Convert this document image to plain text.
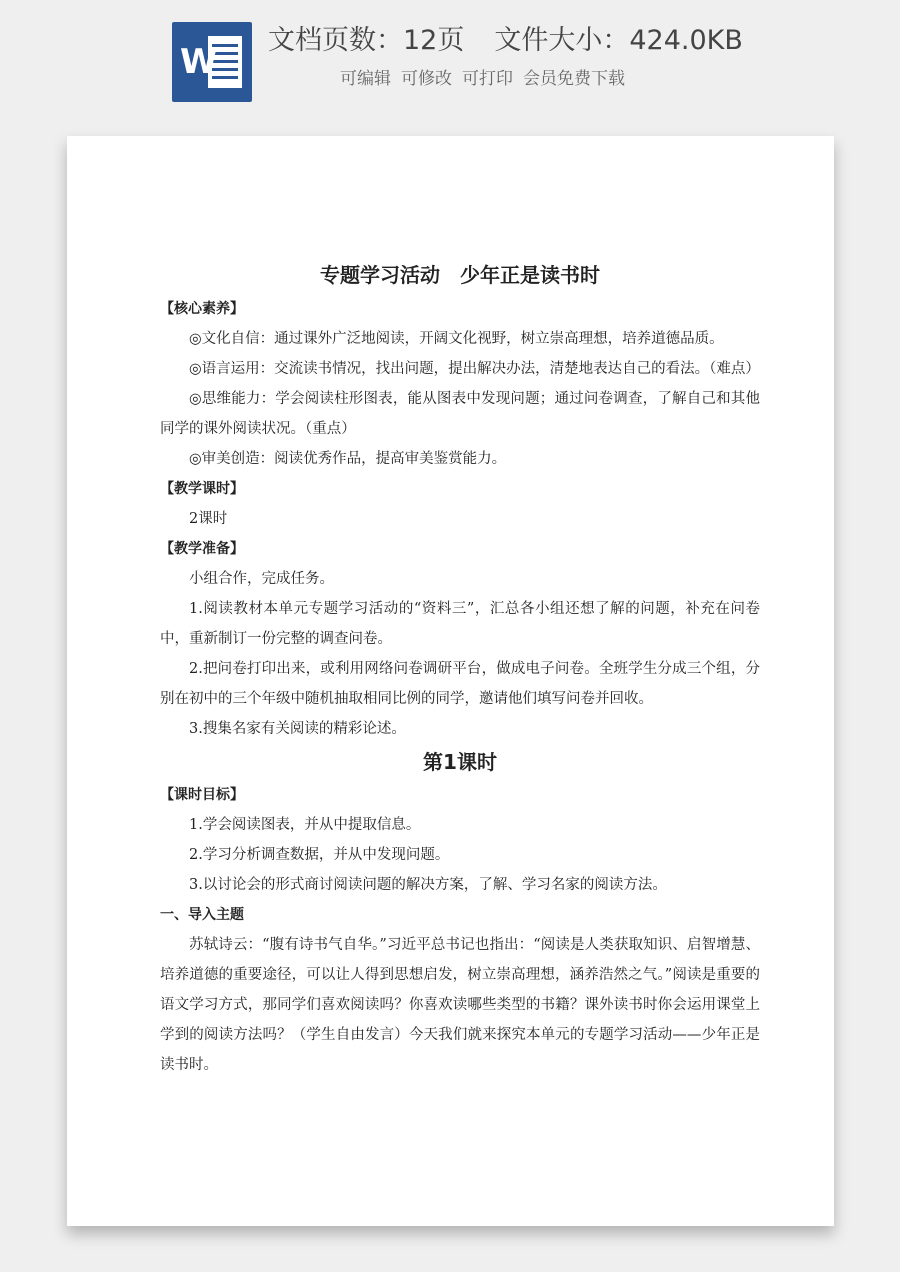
W
文档页数：12页 文件大小：424.0KB
可编辑 可修改 可打印 会员免费下载

专题学习活动　少年正是读书时

【核心素养】

◎文化自信：通过课外广泛地阅读，开阔文化视野，树立崇高理想，培养道德品质。

◎语言运用：交流读书情况，找出问题，提出解决办法，清楚地表达自己的看法。（难点）

◎思维能力：学会阅读柱形图表，能从图表中发现问题；通过问卷调查，了解自己和其他同学的课外阅读状况。（重点）

◎审美创造：阅读优秀作品，提高审美鉴赏能力。

【教学课时】

2课时

【教学准备】

小组合作，完成任务。

1.阅读教材本单元专题学习活动的“资料三”，汇总各小组还想了解的问题，补充在问卷中，重新制订一份完整的调查问卷。

2.把问卷打印出来，或利用网络问卷调研平台，做成电子问卷。全班学生分成三个组，分别在初中的三个年级中随机抽取相同比例的同学，邀请他们填写问卷并回收。

3.搜集名家有关阅读的精彩论述。

第1课时

【课时目标】

1.学会阅读图表，并从中提取信息。

2.学习分析调查数据，并从中发现问题。

3.以讨论会的形式商讨阅读问题的解决方案，了解、学习名家的阅读方法。

一、导入主题

苏轼诗云：“腹有诗书气自华。”习近平总书记也指出：“阅读是人类获取知识、启智增慧、培养道德的重要途径，可以让人得到思想启发，树立崇高理想，涵养浩然之气。”阅读是重要的语文学习方式，那同学们喜欢阅读吗？你喜欢读哪些类型的书籍？课外读书时你会运用课堂上学到的阅读方法吗？（学生自由发言）今天我们就来探究本单元的专题学习活动——少年正是读书时。
